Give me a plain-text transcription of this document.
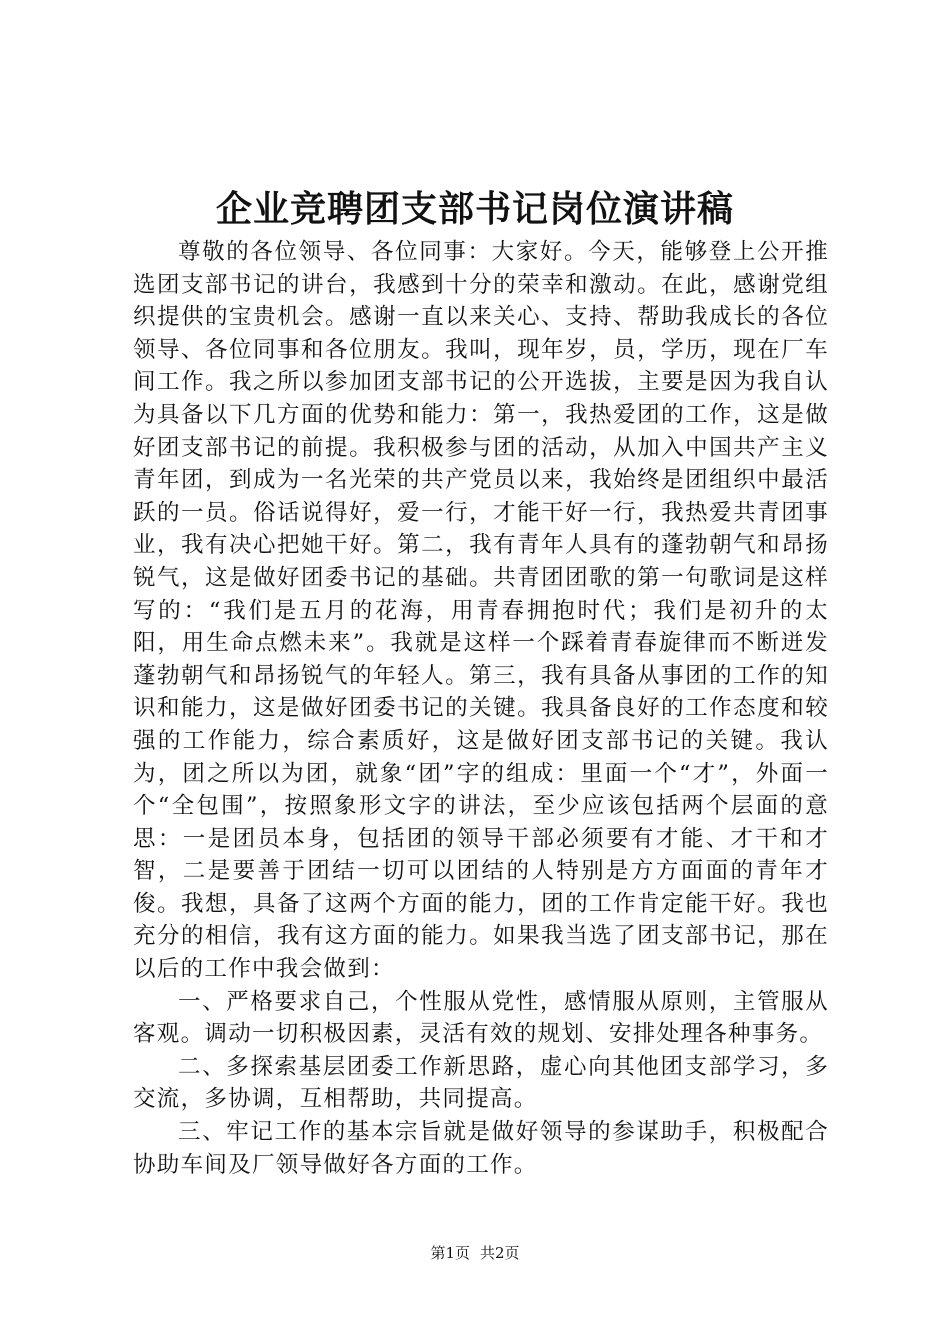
企业竞聘团支部书记岗位演讲稿

尊敬的各位领导、各位同事：大家好。今天，能够登上公开推选团支部书记的讲台，我感到十分的荣幸和激动。在此，感谢党组织提供的宝贵机会。感谢一直以来关心、支持、帮助我成长的各位领导、各位同事和各位朋友。我叫，现年岁，员，学历，现在厂车间工作。我之所以参加团支部书记的公开选拔，主要是因为我自认为具备以下几方面的优势和能力：第一，我热爱团的工作，这是做好团支部书记的前提。我积极参与团的活动，从加入中国共产主义青年团，到成为一名光荣的共产党员以来，我始终是团组织中最活跃的一员。俗话说得好，爱一行，才能干好一行，我热爱共青团事业，我有决心把她干好。第二，我有青年人具有的蓬勃朝气和昂扬锐气，这是做好团委书记的基础。共青团团歌的第一句歌词是这样写的：“我们是五月的花海，用青春拥抱时代；我们是初升的太阳，用生命点燃未来”。我就是这样一个踩着青春旋律而不断迸发蓬勃朝气和昂扬锐气的年轻人。第三，我有具备从事团的工作的知识和能力，这是做好团委书记的关键。我具备良好的工作态度和较强的工作能力，综合素质好，这是做好团支部书记的关键。我认为，团之所以为团，就象“团”字的组成：里面一个“才”，外面一个“全包围”，按照象形文字的讲法，至少应该包括两个层面的意思：一是团员本身，包括团的领导干部必须要有才能、才干和才智，二是要善于团结一切可以团结的人特别是方方面面的青年才俊。我想，具备了这两个方面的能力，团的工作肯定能干好。我也充分的相信，我有这方面的能力。如果我当选了团支部书记，那在以后的工作中我会做到：

一、严格要求自己，个性服从党性，感情服从原则，主管服从客观。调动一切积极因素，灵活有效的规划、安排处理各种事务。

二、多探索基层团委工作新思路，虚心向其他团支部学习，多交流，多协调，互相帮助，共同提高。

三、牢记工作的基本宗旨就是做好领导的参谋助手，积极配合协助车间及厂领导做好各方面的工作。

第1页 共2页
